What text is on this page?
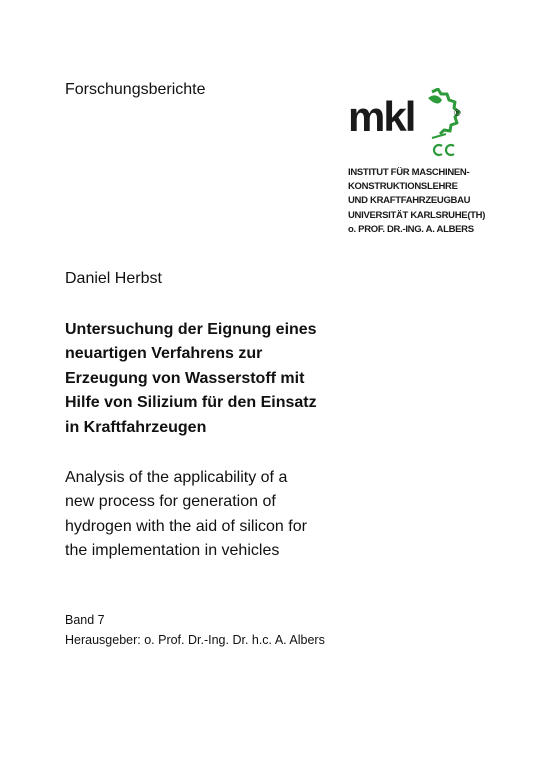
Forschungsberichte

mkl	®
INSTITUT FÜR MASCHINEN-
KONSTRUKTIONSLEHRE
UND KRAFTFAHRZEUGBAU
UNIVERSITÄT KARLSRUHE(TH)
o. PROF. DR.-ING. A. ALBERS

Daniel Herbst

Untersuchung der Eignung eines
neuartigen Verfahrens zur
Erzeugung von Wasserstoff mit
Hilfe von Silizium für den Einsatz
in Kraftfahrzeugen
Analysis of the applicability of a
new process for generation of
hydrogen with the aid of silicon for
the implementation in vehicles
Band 7
Herausgeber: o. Prof. Dr.-Ing. Dr. h.c. A. Albers
